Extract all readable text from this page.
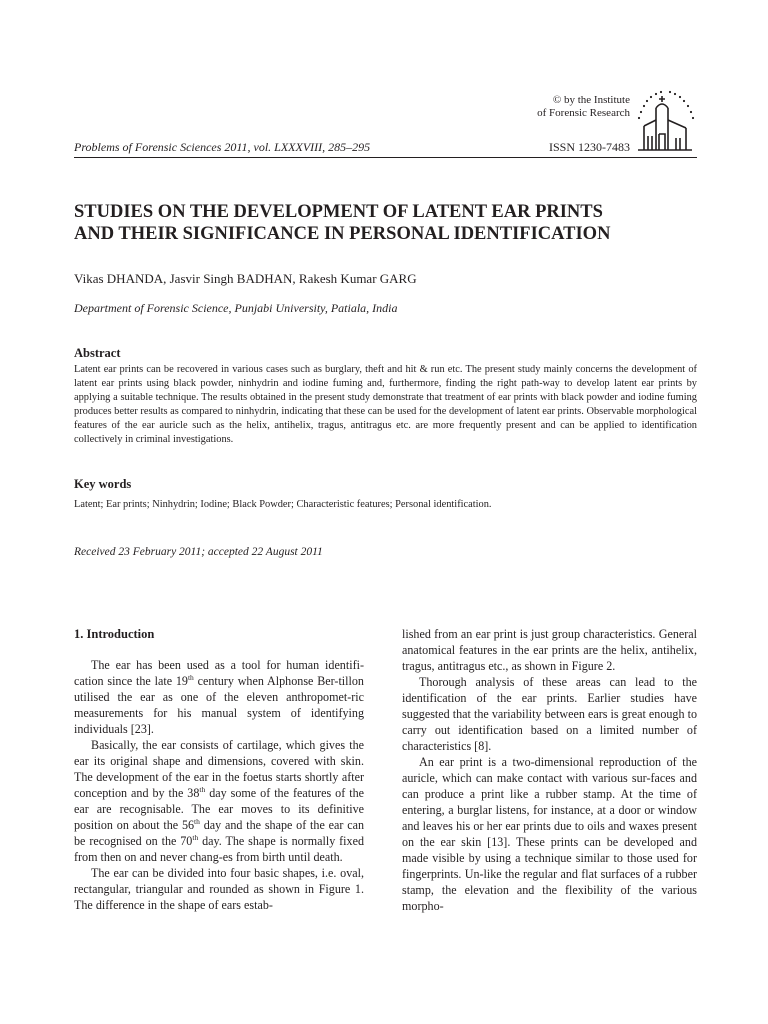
© by the Institute
of Forensic Research
Problems of Forensic Sciences 2011, vol. LXXXVIII, 285–295	ISSN 1230-7483
STUDIES ON THE DEVELOPMENT OF LATENT EAR PRINTS
AND THEIR SIGNIFICANCE IN PERSONAL IDENTIFICATION
Vikas DHANDA, Jasvir Singh BADHAN, Rakesh Kumar GARG
Department of Forensic Science, Punjabi University, Patiala, India
Abstract
Latent ear prints can be recovered in various cases such as burglary, theft and hit & run etc. The present study mainly concerns the development of latent ear prints using black powder, ninhydrin and iodine fuming and, furthermore, finding the right path-way to develop latent ear prints by applying a suitable technique. The results obtained in the present study demonstrate that treatment of ear prints with black powder and iodine fuming produces better results as compared to ninhydrin, indicating that these can be used for the development of latent ear prints. Observable morphological features of the ear auricle such as the helix, antihelix, tragus, antitragus etc. are more frequently present and can be applied to identification collectively in criminal investigations.
Key words
Latent; Ear prints; Ninhydrin; Iodine; Black Powder; Characteristic features; Personal identification.
Received 23 February 2011; accepted 22 August 2011
1. Introduction

The ear has been used as a tool for human identifi-cation since the late 19th century when Alphonse Ber-tillon utilised the ear as one of the eleven anthropomet-ric measurements for his manual system of identifying individuals [23].

Basically, the ear consists of cartilage, which gives the ear its original shape and dimensions, covered with skin. The development of the ear in the foetus starts shortly after conception and by the 38th day some of the features of the ear are recognisable. The ear moves to its definitive position on about the 56th day and the shape of the ear can be recognised on the 70th day. The shape is normally fixed from then on and never chang-es from birth until death.

The ear can be divided into four basic shapes, i.e. oval, rectangular, triangular and rounded as shown in Figure 1. The difference in the shape of ears estab-

lished from an ear print is just group characteristics. General anatomical features in the ear prints are the helix, antihelix, tragus, antitragus etc., as shown in Figure 2.

Thorough analysis of these areas can lead to the identification of the ear prints. Earlier studies have suggested that the variability between ears is great enough to carry out identification based on a limited number of characteristics [8].

An ear print is a two-dimensional reproduction of the auricle, which can make contact with various sur-faces and can produce a print like a rubber stamp. At the time of entering, a burglar listens, for instance, at a door or window and leaves his or her ear prints due to oils and waxes present on the ear skin [13]. These prints can be developed and made visible by using a technique similar to those used for fingerprints. Un-like the regular and flat surfaces of a rubber stamp, the elevation and the flexibility of the various morpho-
